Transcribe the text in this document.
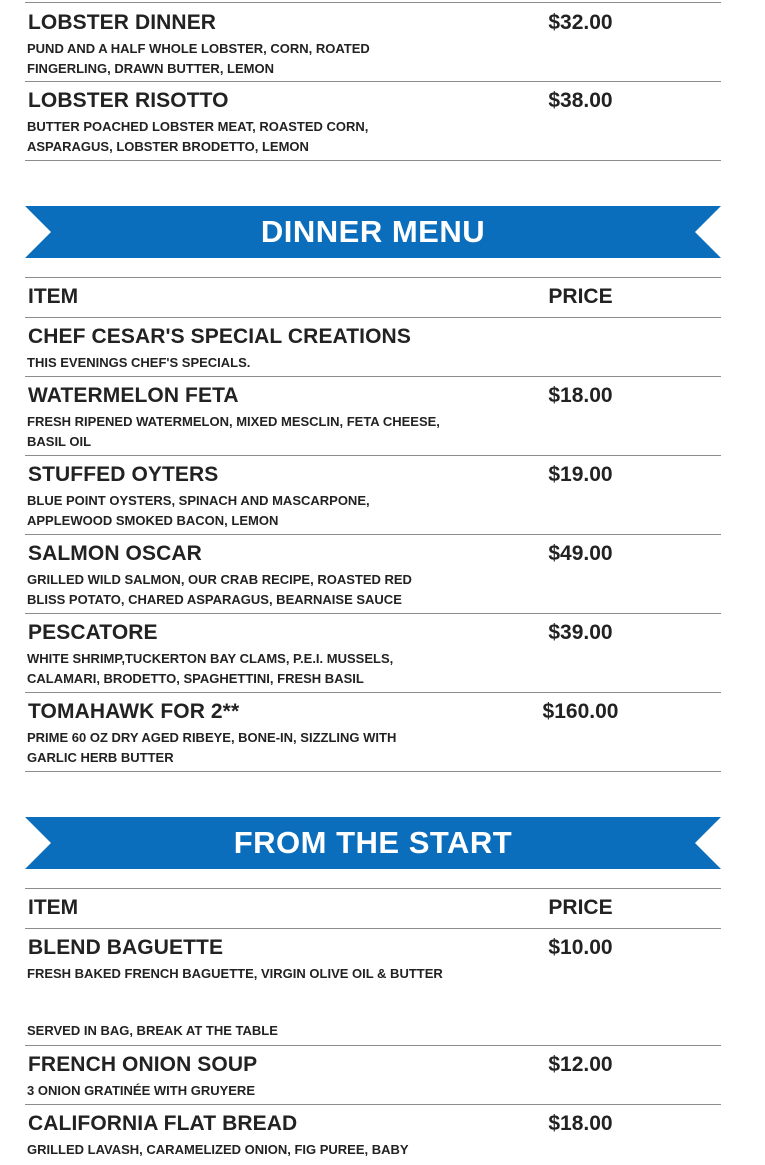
LOBSTER DINNER	$32.00
PUND AND A HALF WHOLE LOBSTER, CORN, ROATED FINGERLING, DRAWN BUTTER, LEMON
LOBSTER RISOTTO	$38.00
BUTTER POACHED LOBSTER MEAT, ROASTED CORN, ASPARAGUS, LOBSTER BRODETTO, LEMON
DINNER MENU
ITEM	PRICE
CHEF CESAR'S SPECIAL CREATIONS
THIS EVENINGS CHEF'S SPECIALS.
WATERMELON FETA	$18.00
FRESH RIPENED WATERMELON, MIXED MESCLIN, FETA CHEESE, BASIL OIL
STUFFED OYTERS	$19.00
BLUE POINT OYSTERS, SPINACH AND MASCARPONE, APPLEWOOD SMOKED BACON, LEMON
SALMON OSCAR	$49.00
GRILLED WILD SALMON, OUR CRAB RECIPE, ROASTED RED BLISS POTATO, CHARED ASPARAGUS, BEARNAISE SAUCE
PESCATORE	$39.00
WHITE SHRIMP,TUCKERTON BAY CLAMS, P.E.I. MUSSELS, CALAMARI, BRODETTO, SPAGHETTINI, FRESH BASIL
TOMAHAWK FOR 2**	$160.00
PRIME 60 OZ DRY AGED RIBEYE, BONE-IN, SIZZLING WITH GARLIC HERB BUTTER
FROM THE START
ITEM	PRICE
BLEND BAGUETTE	$10.00
FRESH BAKED FRENCH BAGUETTE, VIRGIN OLIVE OIL & BUTTER
SERVED IN BAG, BREAK AT THE TABLE
FRENCH ONION SOUP	$12.00
3 ONION GRATINÉE WITH GRUYERE
CALIFORNIA FLAT BREAD	$18.00
GRILLED LAVASH, CARAMELIZED ONION, FIG PUREE, BABY
